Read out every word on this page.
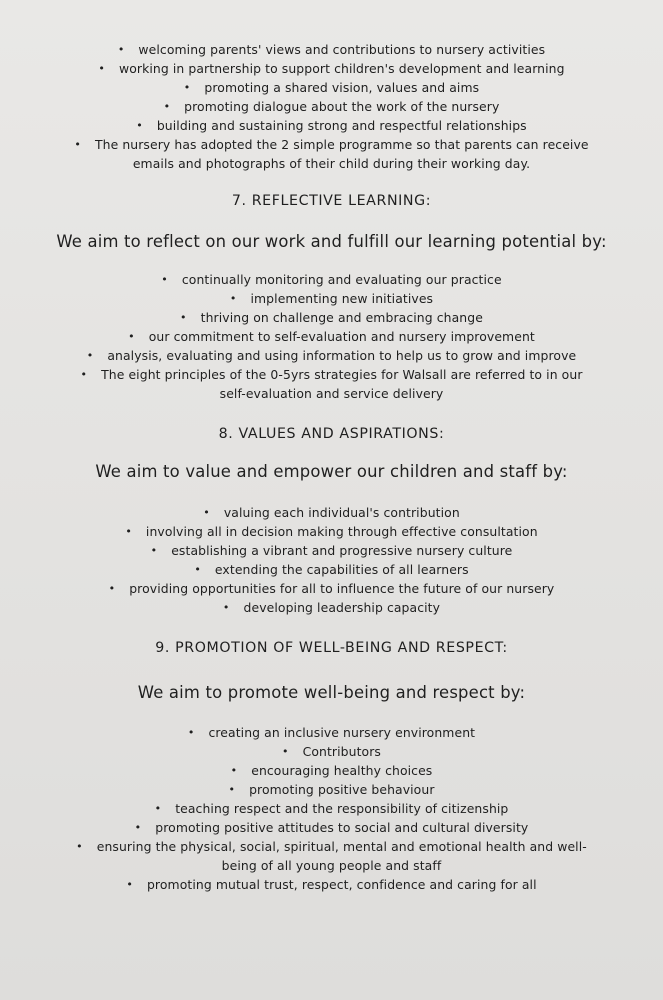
• welcoming parents' views and contributions to nursery activities
• working in partnership to support children's development and learning
• promoting a shared vision, values and aims
• promoting dialogue about the work of the nursery
• building and sustaining strong and respectful relationships
• The nursery has adopted the 2 simple programme so that parents can receive
emails and photographs of their child during their working day.
7. REFLECTIVE LEARNING:
We aim to reflect on our work and fulfill our learning potential by:
• continually monitoring and evaluating our practice
• implementing new initiatives
• thriving on challenge and embracing change
• our commitment to self-evaluation and nursery improvement
• analysis, evaluating and using information to help us to grow and improve
• The eight principles of the 0-5yrs strategies for Walsall are referred to in our
self-evaluation and service delivery
8. VALUES AND ASPIRATIONS:
We aim to value and empower our children and staff by:
• valuing each individual's contribution
• involving all in decision making through effective consultation
• establishing a vibrant and progressive nursery culture
• extending the capabilities of all learners
• providing opportunities for all to influence the future of our nursery
• developing leadership capacity
9. PROMOTION OF WELL-BEING AND RESPECT:
We aim to promote well-being and respect by:
• creating an inclusive nursery environment
• Contributors
• encouraging healthy choices
• promoting positive behaviour
• teaching respect and the responsibility of citizenship
• promoting positive attitudes to social and cultural diversity
• ensuring the physical, social, spiritual, mental and emotional health and well-
being of all young people and staff
• promoting mutual trust, respect, confidence and caring for all
